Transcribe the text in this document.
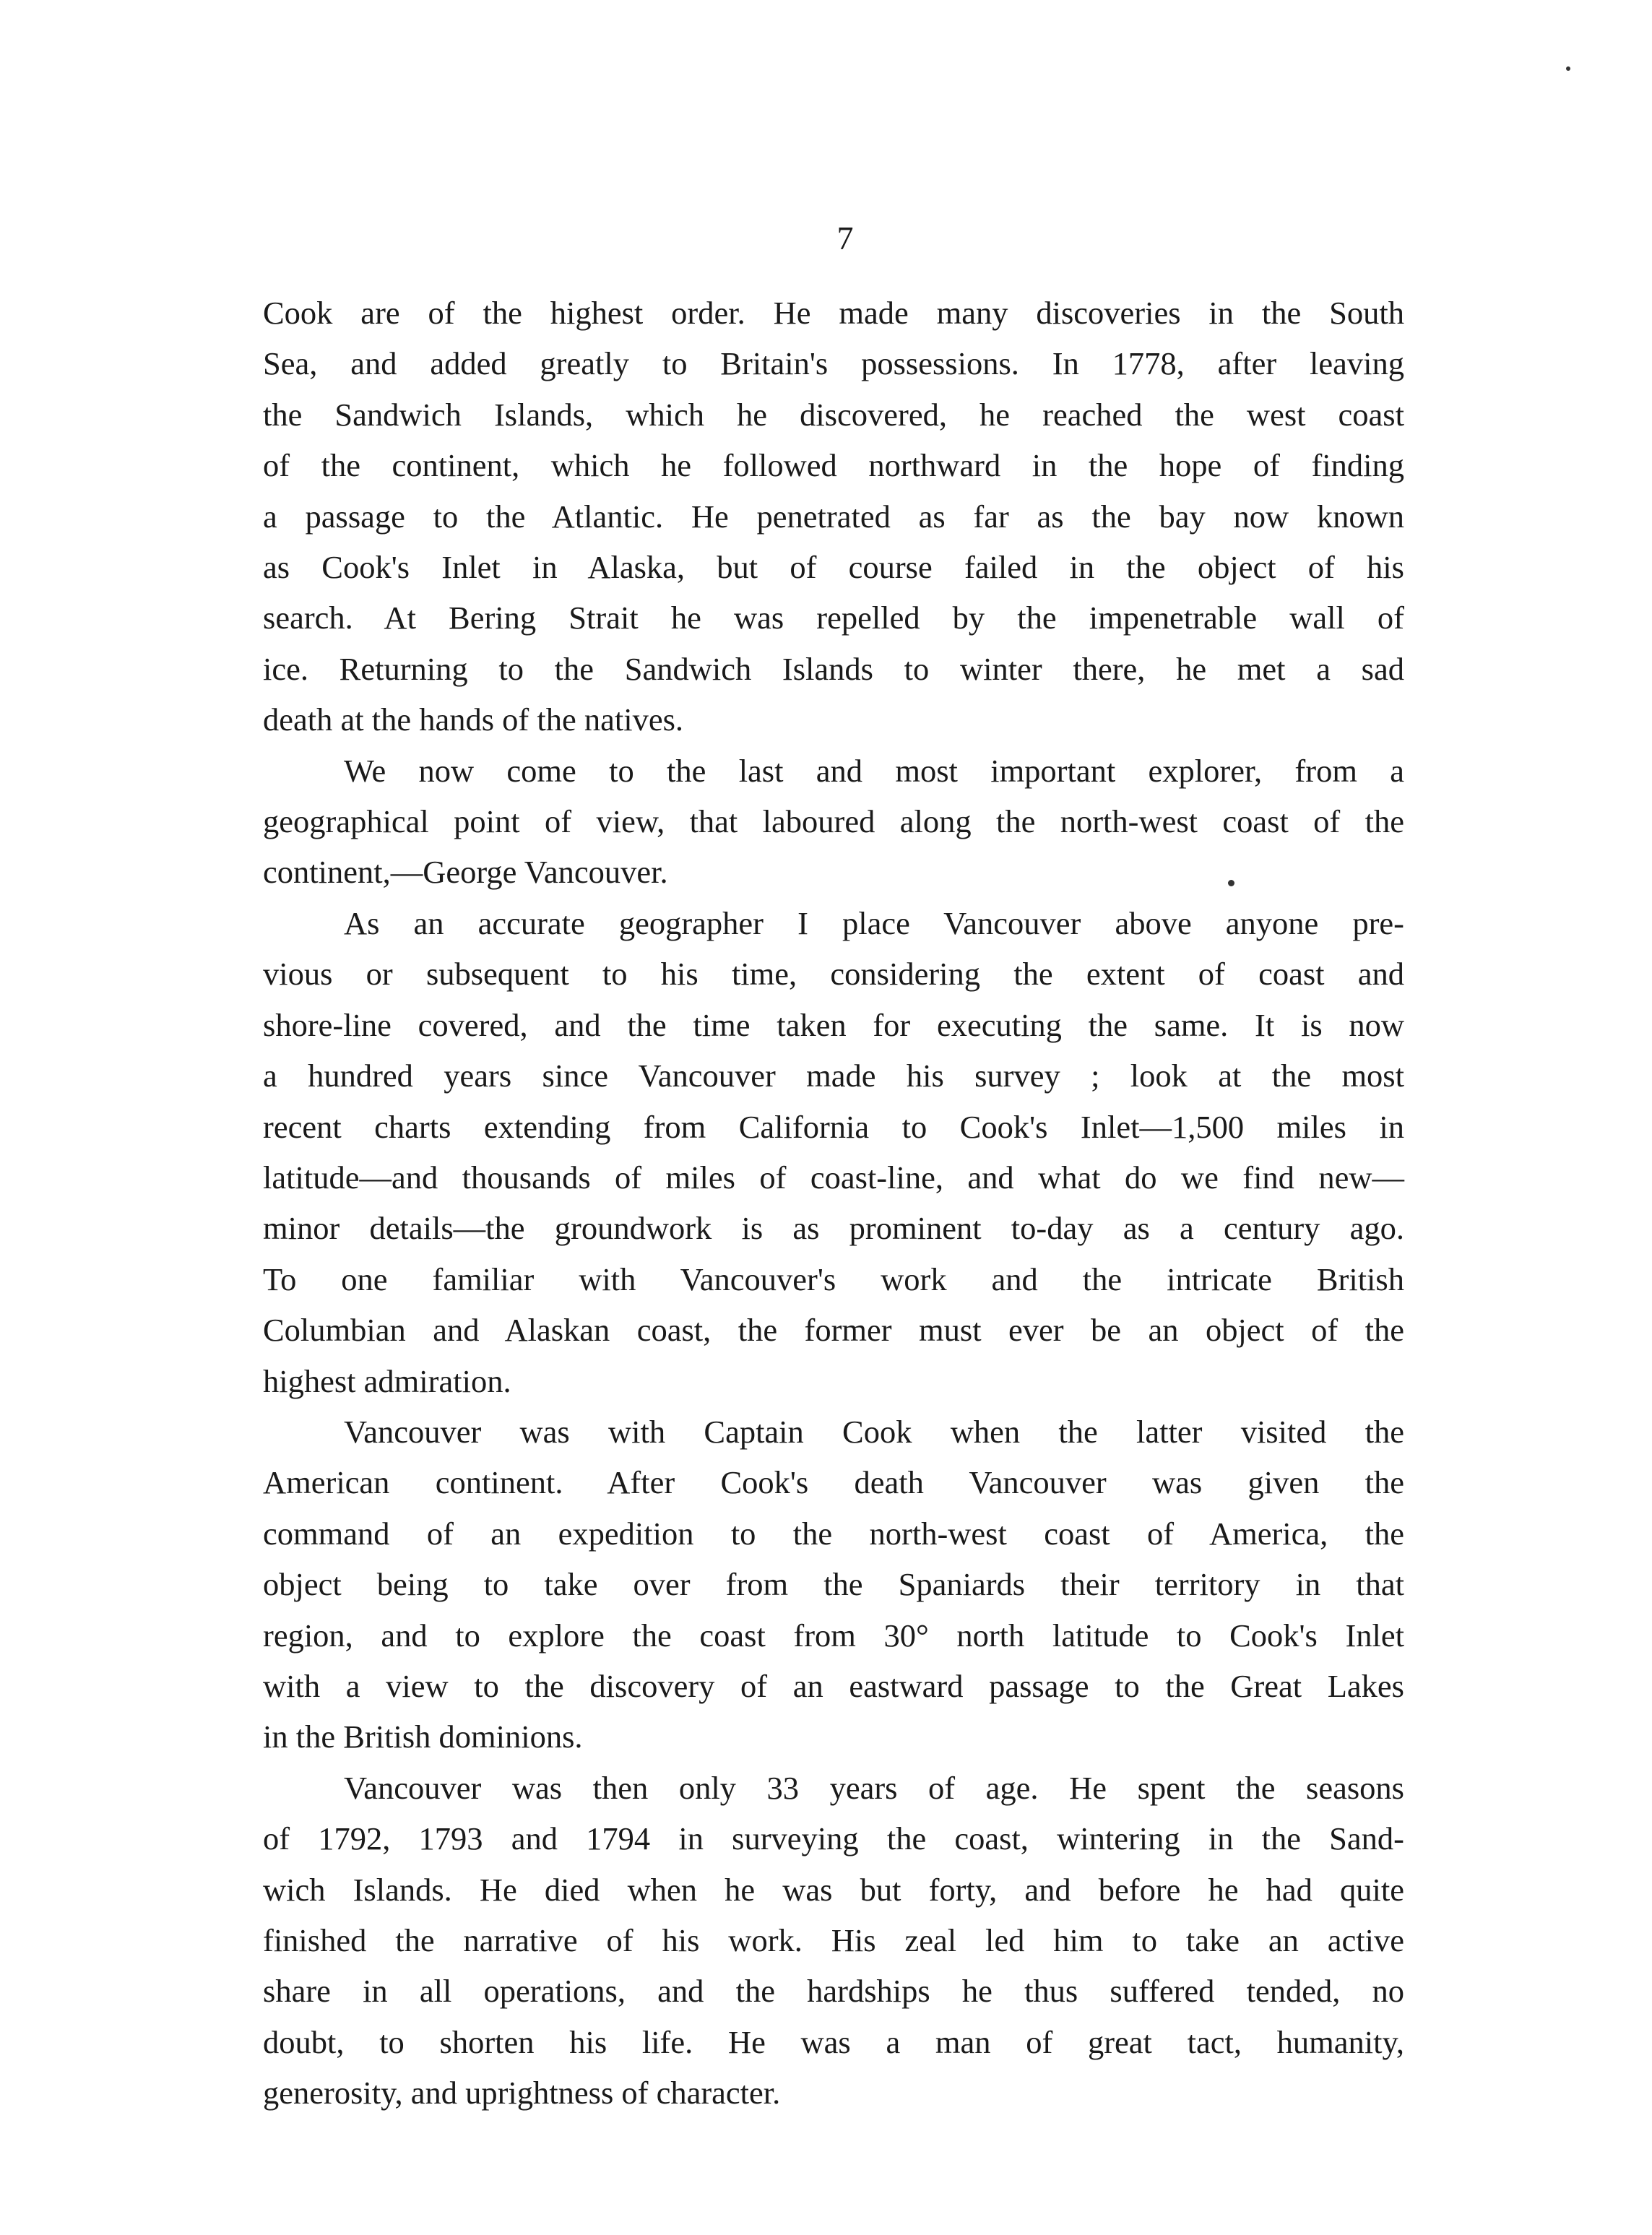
7
Cook are of the highest order. He made many discoveries in the South
Sea, and added greatly to Britain's possessions. In 1778, after leaving
the Sandwich Islands, which he discovered, he reached the west coast
of the continent, which he followed northward in the hope of finding
a passage to the Atlantic. He penetrated as far as the bay now known
as Cook's Inlet in Alaska, but of course failed in the object of his
search. At Bering Strait he was repelled by the impenetrable wall of
ice. Returning to the Sandwich Islands to winter there, he met a sad
death at the hands of the natives.
We now come to the last and most important explorer, from a
geographical point of view, that laboured along the north-west coast of the
continent,—George Vancouver.
As an accurate geographer I place Vancouver above anyone pre-
vious or subsequent to his time, considering the extent of coast and
shore-line covered, and the time taken for executing the same. It is now
a hundred years since Vancouver made his survey ; look at the most
recent charts extending from California to Cook's Inlet—1,500 miles in
latitude—and thousands of miles of coast-line, and what do we find new—
minor details—the groundwork is as prominent to-day as a century ago.
To one familiar with Vancouver's work and the intricate British
Columbian and Alaskan coast, the former must ever be an object of the
highest admiration.
Vancouver was with Captain Cook when the latter visited the
American continent. After Cook's death Vancouver was given the
command of an expedition to the north-west coast of America, the
object being to take over from the Spaniards their territory in that
region, and to explore the coast from 30° north latitude to Cook's Inlet
with a view to the discovery of an eastward passage to the Great Lakes
in the British dominions.
Vancouver was then only 33 years of age. He spent the seasons
of 1792, 1793 and 1794 in surveying the coast, wintering in the Sand-
wich Islands. He died when he was but forty, and before he had quite
finished the narrative of his work. His zeal led him to take an active
share in all operations, and the hardships he thus suffered tended, no
doubt, to shorten his life. He was a man of great tact, humanity,
generosity, and uprightness of character.
